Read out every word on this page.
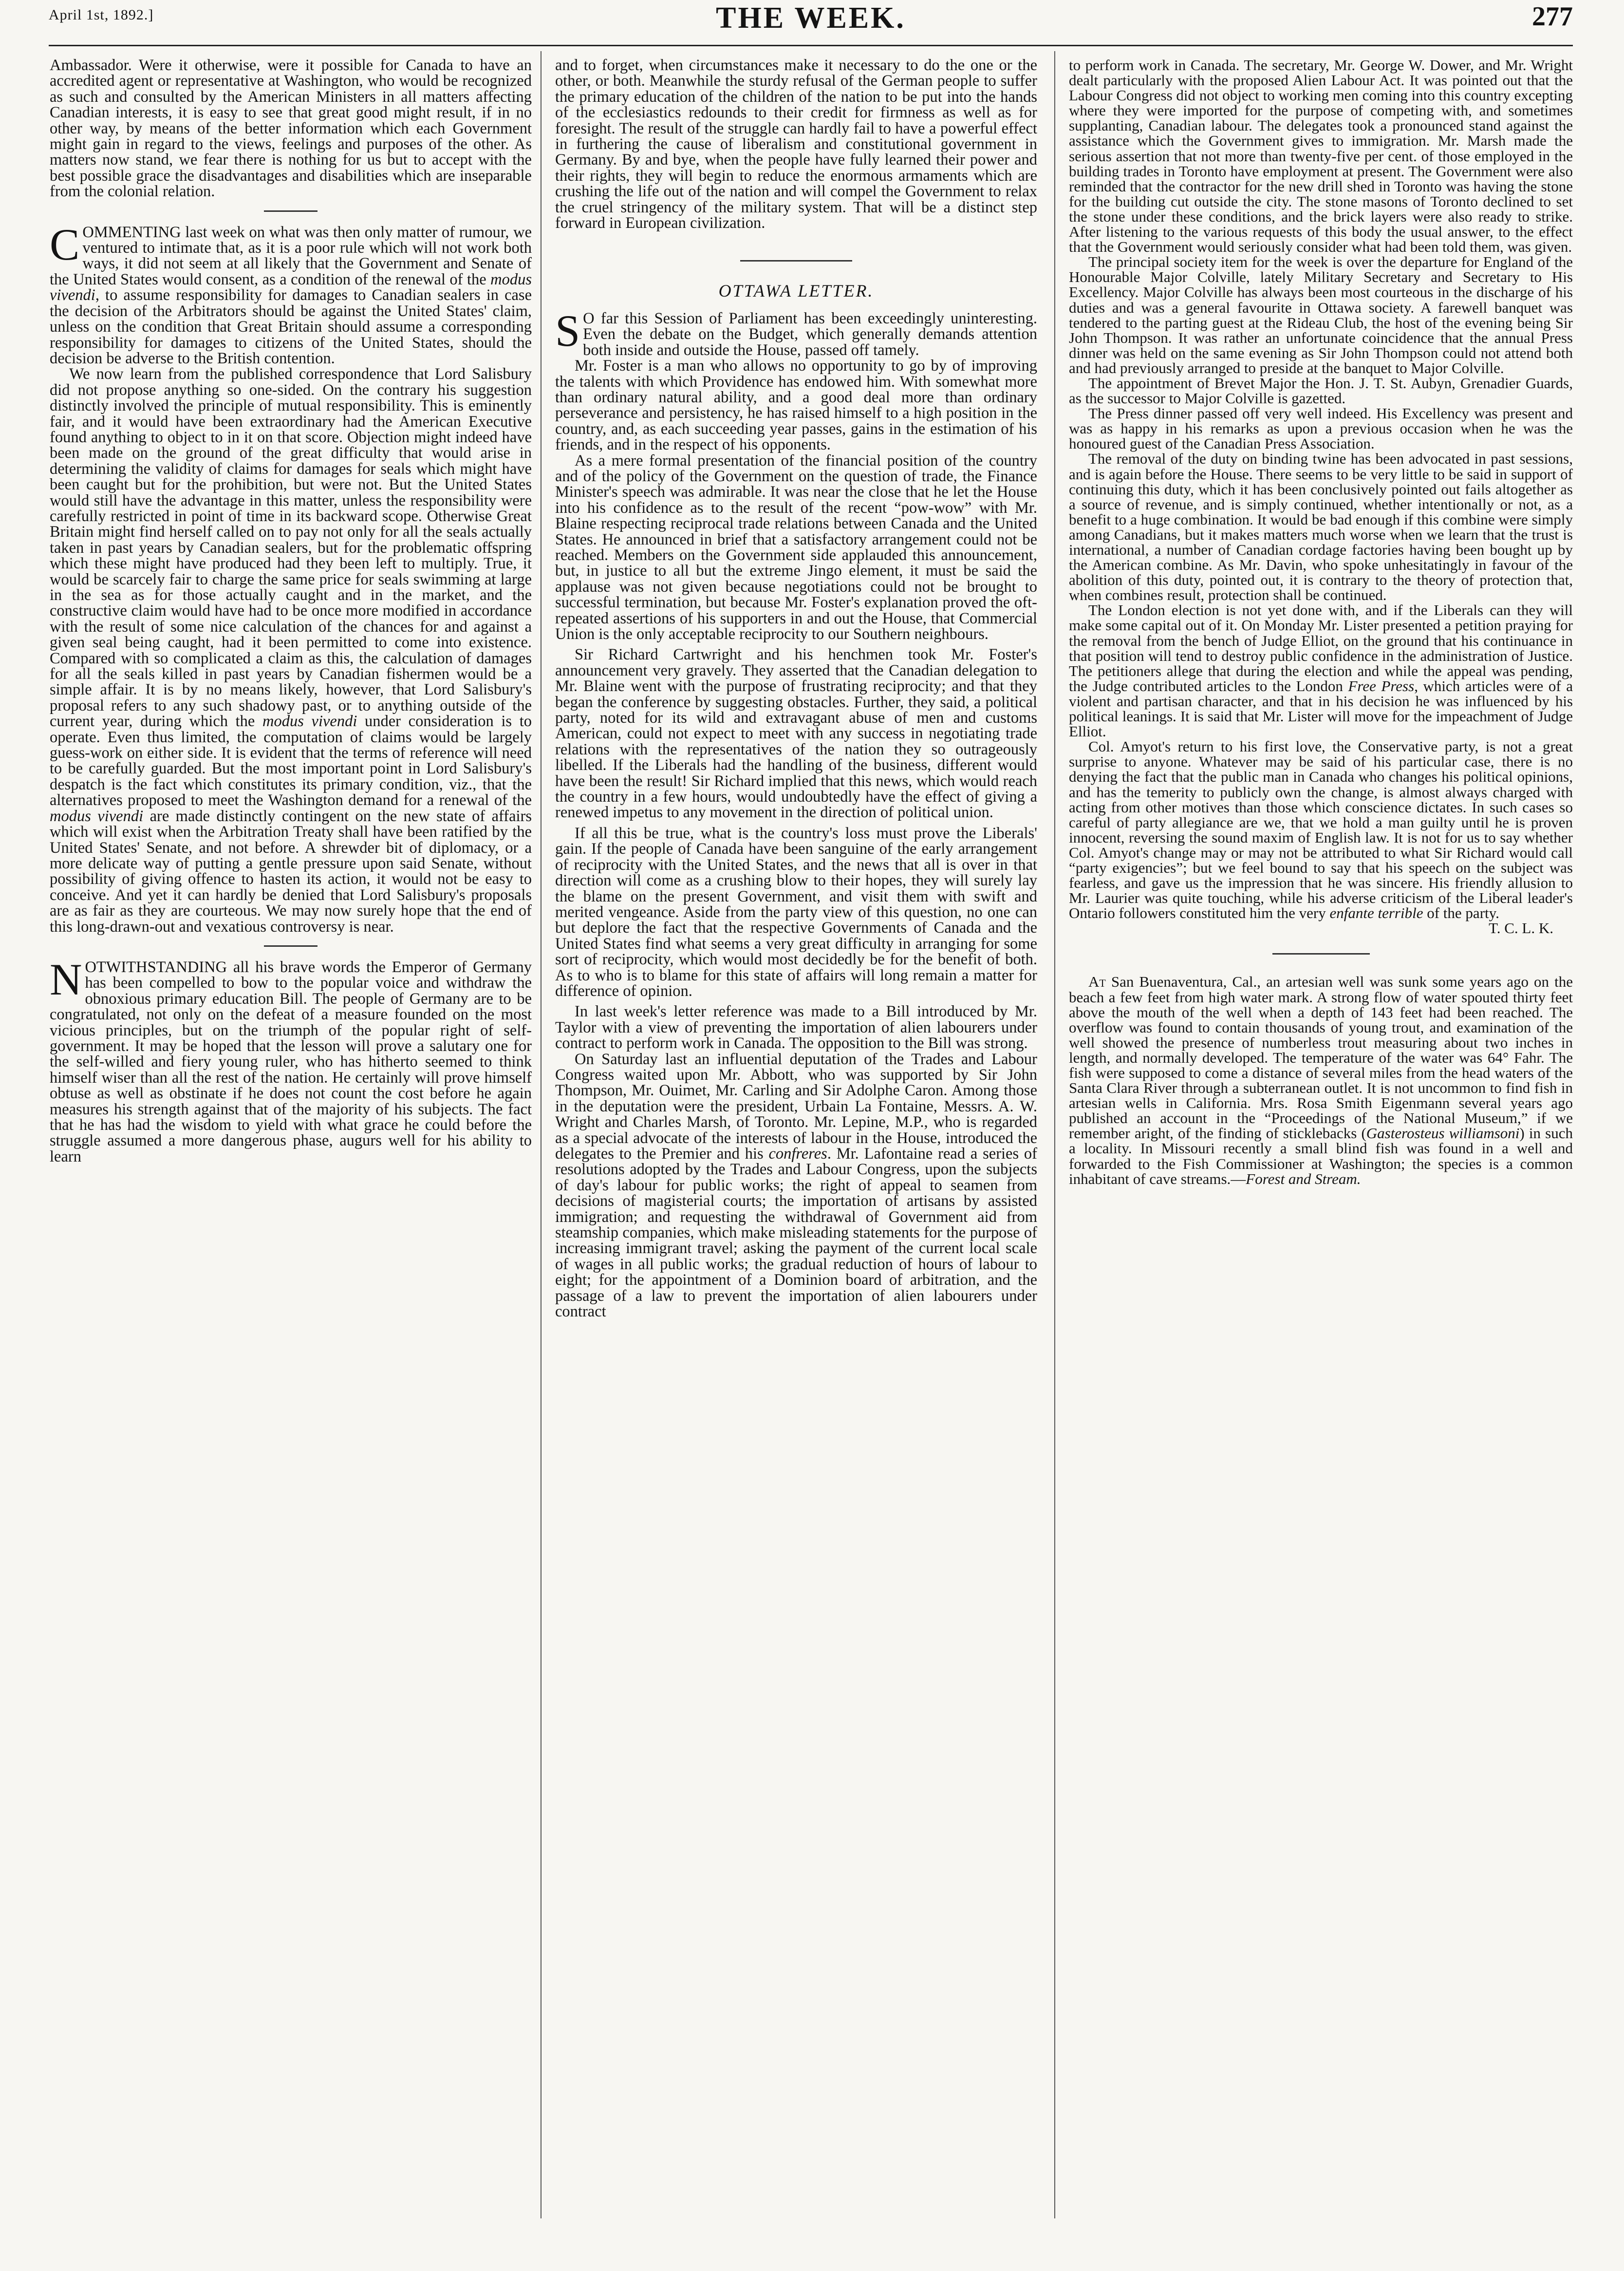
April 1st, 1892.]	THE WEEK.	277

Ambassador. Were it otherwise, were it possible for Canada to have an accredited agent or representative at Washington, who would be recognized as such and consulted by the American Ministers in all matters affecting Canadian interests, it is easy to see that great good might result, if in no other way, by means of the better information which each Government might gain in regard to the views, feelings and purposes of the other. As matters now stand, we fear there is nothing for us but to accept with the best possible grace the disadvantages and disabilities which are inseparable from the colonial relation.

COMMENTING last week on what was then only matter of rumour, we ventured to intimate that, as it is a poor rule which will not work both ways, it did not seem at all likely that the Government and Senate of the United States would consent, as a condition of the renewal of the modus vivendi, to assume responsibility for damages to Canadian sealers in case the decision of the Arbitrators should be against the United States' claim, unless on the condition that Great Britain should assume a corresponding responsibility for damages to citizens of the United States, should the decision be adverse to the British contention.

We now learn from the published correspondence that Lord Salisbury did not propose anything so one-sided. On the contrary his suggestion distinctly involved the principle of mutual responsibility. This is eminently fair, and it would have been extraordinary had the American Executive found anything to object to in it on that score. Objection might indeed have been made on the ground of the great difficulty that would arise in determining the validity of claims for damages for seals which might have been caught but for the prohibition, but were not. But the United States would still have the advantage in this matter, unless the responsibility were carefully restricted in point of time in its backward scope. Otherwise Great Britain might find herself called on to pay not only for all the seals actually taken in past years by Canadian sealers, but for the problematic offspring which these might have produced had they been left to multiply. True, it would be scarcely fair to charge the same price for seals swimming at large in the sea as for those actually caught and in the market, and the constructive claim would have had to be once more modified in accordance with the result of some nice calculation of the chances for and against a given seal being caught, had it been permitted to come into existence. Compared with so complicated a claim as this, the calculation of damages for all the seals killed in past years by Canadian fishermen would be a simple affair. It is by no means likely, however, that Lord Salisbury's proposal refers to any such shadowy past, or to anything outside of the current year, during which the modus vivendi under consideration is to operate. Even thus limited, the computation of claims would be largely guess-work on either side. It is evident that the terms of reference will need to be carefully guarded. But the most important point in Lord Salisbury's despatch is the fact which constitutes its primary condition, viz., that the alternatives proposed to meet the Washington demand for a renewal of the modus vivendi are made distinctly contingent on the new state of affairs which will exist when the Arbitration Treaty shall have been ratified by the United States' Senate, and not before. A shrewder bit of diplomacy, or a more delicate way of putting a gentle pressure upon said Senate, without possibility of giving offence to hasten its action, it would not be easy to conceive. And yet it can hardly be denied that Lord Salisbury's proposals are as fair as they are courteous. We may now surely hope that the end of this long-drawn-out and vexatious controversy is near.

NOTWITHSTANDING all his brave words the Emperor of Germany has been compelled to bow to the popular voice and withdraw the obnoxious primary education Bill. The people of Germany are to be congratulated, not only on the defeat of a measure founded on the most vicious principles, but on the triumph of the popular right of self-government. It may be hoped that the lesson will prove a salutary one for the self-willed and fiery young ruler, who has hitherto seemed to think himself wiser than all the rest of the nation. He certainly will prove himself obtuse as well as obstinate if he does not count the cost before he again measures his strength against that of the majority of his subjects. The fact that he has had the wisdom to yield with what grace he could before the struggle assumed a more dangerous phase, augurs well for his ability to learn

and to forget, when circumstances make it necessary to do the one or the other, or both. Meanwhile the sturdy refusal of the German people to suffer the primary education of the children of the nation to be put into the hands of the ecclesiastics redounds to their credit for firmness as well as for foresight. The result of the struggle can hardly fail to have a powerful effect in furthering the cause of liberalism and constitutional government in Germany. By and bye, when the people have fully learned their power and their rights, they will begin to reduce the enormous armaments which are crushing the life out of the nation and will compel the Government to relax the cruel stringency of the military system. That will be a distinct step forward in European civilization.

OTTAWA LETTER.

S O far this Session of Parliament has been exceedingly uninteresting. Even the debate on the Budget, which generally demands attention both inside and outside the House, passed off tamely.

Mr. Foster is a man who allows no opportunity to go by of improving the talents with which Providence has endowed him. With somewhat more than ordinary natural ability, and a good deal more than ordinary perseverance and persistency, he has raised himself to a high position in the country, and, as each succeeding year passes, gains in the estimation of his friends, and in the respect of his opponents.

As a mere formal presentation of the financial position of the country and of the policy of the Government on the question of trade, the Finance Minister's speech was admirable. It was near the close that he let the House into his confidence as to the result of the recent “pow-wow” with Mr. Blaine respecting reciprocal trade relations between Canada and the United States. He announced in brief that a satisfactory arrangement could not be reached. Members on the Government side applauded this announcement, but, in justice to all but the extreme Jingo element, it must be said the applause was not given because negotiations could not be brought to successful termination, but because Mr. Foster's explanation proved the oft-repeated assertions of his supporters in and out the House, that Commercial Union is the only acceptable reciprocity to our Southern neighbours.

Sir Richard Cartwright and his henchmen took Mr. Foster's announcement very gravely. They asserted that the Canadian delegation to Mr. Blaine went with the purpose of frustrating reciprocity; and that they began the conference by suggesting obstacles. Further, they said, a political party, noted for its wild and extravagant abuse of men and customs American, could not expect to meet with any success in negotiating trade relations with the representatives of the nation they so outrageously libelled. If the Liberals had the handling of the business, different would have been the result! Sir Richard implied that this news, which would reach the country in a few hours, would undoubtedly have the effect of giving a renewed impetus to any movement in the direction of political union.

If all this be true, what is the country's loss must prove the Liberals' gain. If the people of Canada have been sanguine of the early arrangement of reciprocity with the United States, and the news that all is over in that direction will come as a crushing blow to their hopes, they will surely lay the blame on the present Government, and visit them with swift and merited vengeance. Aside from the party view of this question, no one can but deplore the fact that the respective Governments of Canada and the United States find what seems a very great difficulty in arranging for some sort of reciprocity, which would most decidedly be for the benefit of both. As to who is to blame for this state of affairs will long remain a matter for difference of opinion.

In last week's letter reference was made to a Bill introduced by Mr. Taylor with a view of preventing the importation of alien labourers under contract to perform work in Canada. The opposition to the Bill was strong.

On Saturday last an influential deputation of the Trades and Labour Congress waited upon Mr. Abbott, who was supported by Sir John Thompson, Mr. Ouimet, Mr. Carling and Sir Adolphe Caron. Among those in the deputation were the president, Urbain La Fontaine, Messrs. A. W. Wright and Charles Marsh, of Toronto. Mr. Lepine, M.P., who is regarded as a special advocate of the interests of labour in the House, introduced the delegates to the Premier and his confreres. Mr. Lafontaine read a series of resolutions adopted by the Trades and Labour Congress, upon the subjects of day's labour for public works; the right of appeal to seamen from decisions of magisterial courts; the importation of artisans by assisted immigration; and requesting the withdrawal of Government aid from steamship companies, which make misleading statements for the purpose of increasing immigrant travel; asking the payment of the current local scale of wages in all public works; the gradual reduction of hours of labour to eight; for the appointment of a Dominion board of arbitration, and the passage of a law to prevent the importation of alien labourers under contract

to perform work in Canada. The secretary, Mr. George W. Dower, and Mr. Wright dealt particularly with the proposed Alien Labour Act. It was pointed out that the Labour Congress did not object to working men coming into this country excepting where they were imported for the purpose of competing with, and sometimes supplanting, Canadian labour. The delegates took a pronounced stand against the assistance which the Government gives to immigration. Mr. Marsh made the serious assertion that not more than twenty-five per cent. of those employed in the building trades in Toronto have employment at present. The Government were also reminded that the contractor for the new drill shed in Toronto was having the stone for the building cut outside the city. The stone masons of Toronto declined to set the stone under these conditions, and the brick layers were also ready to strike. After listening to the various requests of this body the usual answer, to the effect that the Government would seriously consider what had been told them, was given.

The principal society item for the week is over the departure for England of the Honourable Major Colville, lately Military Secretary and Secretary to His Excellency. Major Colville has always been most courteous in the discharge of his duties and was a general favourite in Ottawa society. A farewell banquet was tendered to the parting guest at the Rideau Club, the host of the evening being Sir John Thompson. It was rather an unfortunate coincidence that the annual Press dinner was held on the same evening as Sir John Thompson could not attend both and had previously arranged to preside at the banquet to Major Colville.

The appointment of Brevet Major the Hon. J. T. St. Aubyn, Grenadier Guards, as the successor to Major Colville is gazetted.

The Press dinner passed off very well indeed. His Excellency was present and was as happy in his remarks as upon a previous occasion when he was the honoured guest of the Canadian Press Association.

The removal of the duty on binding twine has been advocated in past sessions, and is again before the House. There seems to be very little to be said in support of continuing this duty, which it has been conclusively pointed out fails altogether as a source of revenue, and is simply continued, whether intentionally or not, as a benefit to a huge combination. It would be bad enough if this combine were simply among Canadians, but it makes matters much worse when we learn that the trust is international, a number of Canadian cordage factories having been bought up by the American combine. As Mr. Davin, who spoke unhesitatingly in favour of the abolition of this duty, pointed out, it is contrary to the theory of protection that, when combines result, protection shall be continued.

The London election is not yet done with, and if the Liberals can they will make some capital out of it. On Monday Mr. Lister presented a petition praying for the removal from the bench of Judge Elliot, on the ground that his continuance in that position will tend to destroy public confidence in the administration of Justice. The petitioners allege that during the election and while the appeal was pending, the Judge contributed articles to the London Free Press, which articles were of a violent and partisan character, and that in his decision he was influenced by his political leanings. It is said that Mr. Lister will move for the impeachment of Judge Elliot.

Col. Amyot's return to his first love, the Conservative party, is not a great surprise to anyone. Whatever may be said of his particular case, there is no denying the fact that the public man in Canada who changes his political opinions, and has the temerity to publicly own the change, is almost always charged with acting from other motives than those which conscience dictates. In such cases so careful of party allegiance are we, that we hold a man guilty until he is proven innocent, reversing the sound maxim of English law. It is not for us to say whether Col. Amyot's change may or may not be attributed to what Sir Richard would call “party exigencies”; but we feel bound to say that his speech on the subject was fearless, and gave us the impression that he was sincere. His friendly allusion to Mr. Laurier was quite touching, while his adverse criticism of the Liberal leader's Ontario followers constituted him the very enfante terrible of the party.

T. C. L. K.

At San Buenaventura, Cal., an artesian well was sunk some years ago on the beach a few feet from high water mark. A strong flow of water spouted thirty feet above the mouth of the well when a depth of 143 feet had been reached. The overflow was found to contain thousands of young trout, and examination of the well showed the presence of numberless trout measuring about two inches in length, and normally developed. The temperature of the water was 64° Fahr. The fish were supposed to come a distance of several miles from the head waters of the Santa Clara River through a subterranean outlet. It is not uncommon to find fish in artesian wells in California. Mrs. Rosa Smith Eigenmann several years ago published an account in the “Proceedings of the National Museum,” if we remember aright, of the finding of sticklebacks (Gasterosteus williamsoni) in such a locality. In Missouri recently a small blind fish was found in a well and forwarded to the Fish Commissioner at Washington; the species is a common inhabitant of cave streams.—Forest and Stream.
